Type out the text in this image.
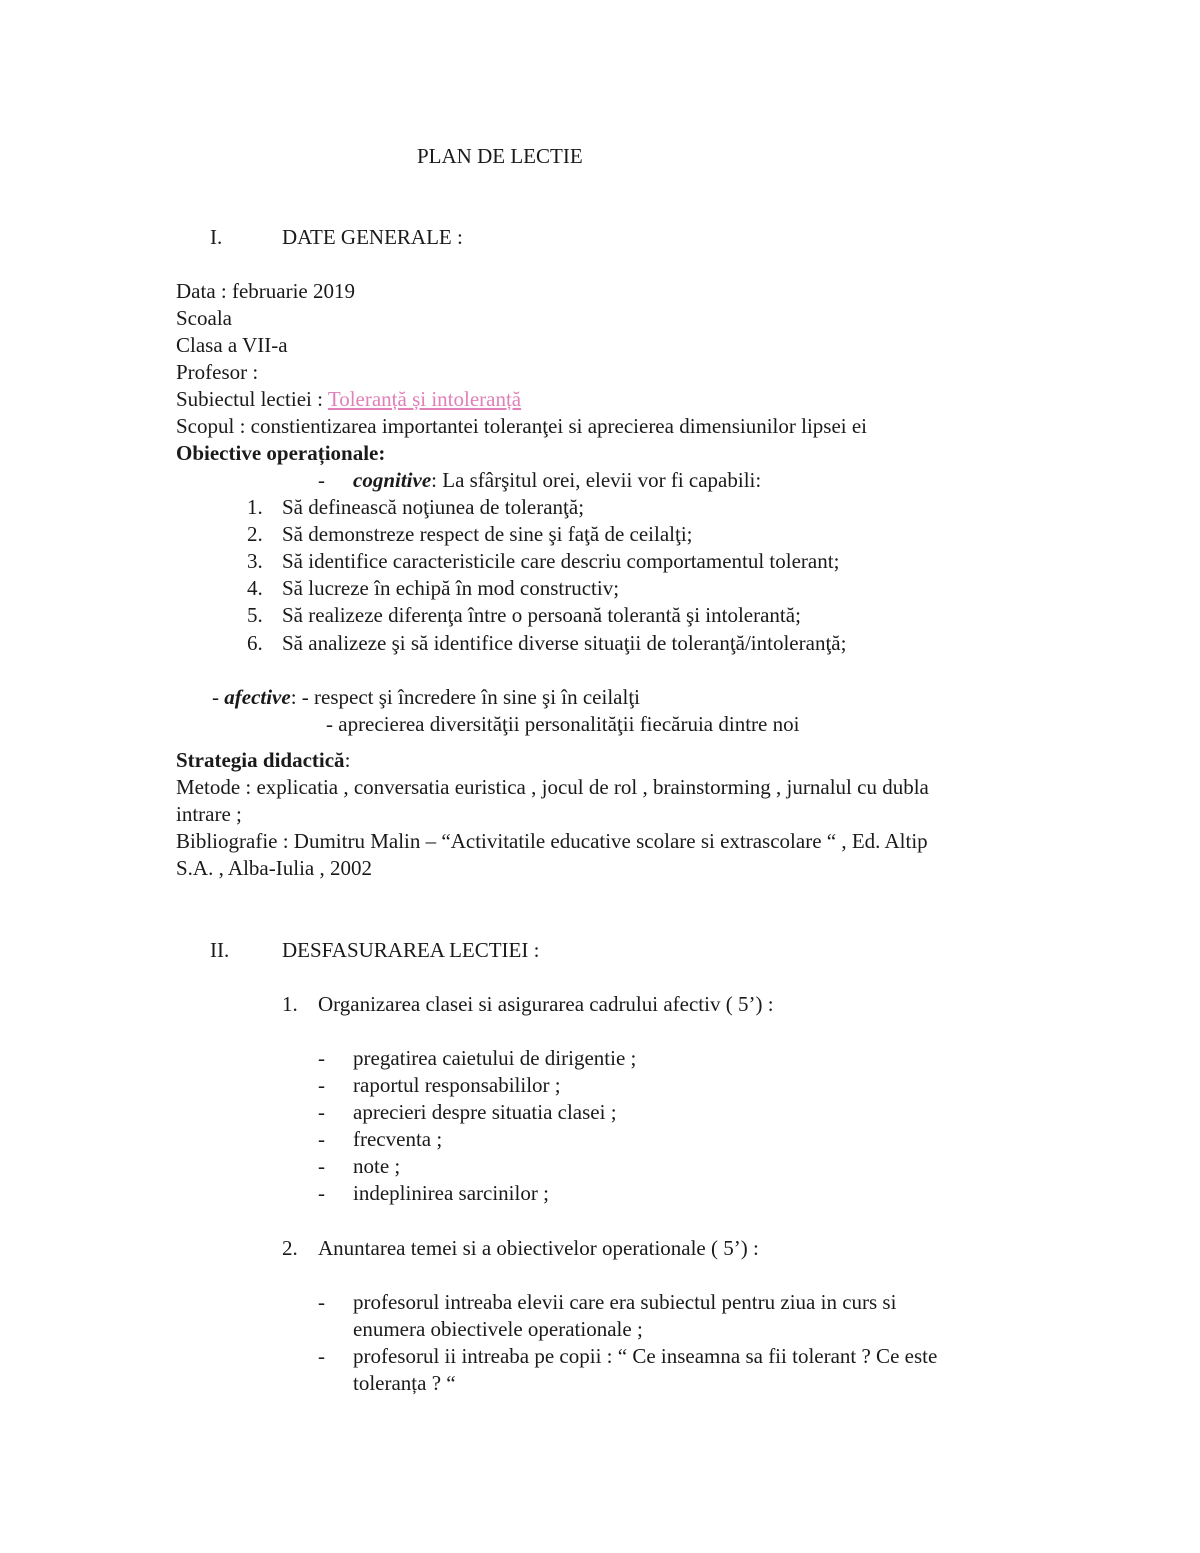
PLAN DE LECTIE
I.	DATE GENERALE :
Data : februarie 2019
Scoala
Clasa a VII-a
Profesor :
Subiectul lectiei : Toleranță și intoleranță
Scopul : constientizarea importantei toleranţei si aprecierea dimensiunilor lipsei ei
Obiective operaționale:
- cognitive: La sfârşitul orei, elevii vor fi capabili:
1. Să definească noţiunea de toleranţă;
2. Să demonstreze respect de sine şi faţă de ceilalţi;
3. Să identifice caracteristicile care descriu comportamentul tolerant;
4. Să lucreze în echipă în mod constructiv;
5. Să realizeze diferenţa între o persoană tolerantă şi intolerantă;
6. Să analizeze şi să identifice diverse situaţii de toleranţă/intoleranţă;
- afective: - respect şi încredere în sine şi în ceilalţi
- aprecierea diversităţii personalităţii fiecăruia dintre noi
Strategia didactică:
Metode : explicatia , conversatia euristica , jocul de rol , brainstorming , jurnalul cu dubla
intrare ;
Bibliografie : Dumitru Malin – “Activitatile educative scolare si extrascolare “ , Ed. Altip
S.A. , Alba-Iulia , 2002
II.	DESFASURAREA LECTIEI :
1. Organizarea clasei si asigurarea cadrului afectiv ( 5’) :
- pregatirea caietului de dirigentie ;
- raportul responsabililor ;
- aprecieri despre situatia clasei ;
- frecventa ;
- note ;
- indeplinirea sarcinilor ;
2. Anuntarea temei si a obiectivelor operationale ( 5’) :
- profesorul intreaba elevii care era subiectul pentru ziua in curs si
enumera obiectivele operationale ;
- profesorul ii intreaba pe copii : “ Ce inseamna sa fii tolerant ? Ce este
toleranța ? “
